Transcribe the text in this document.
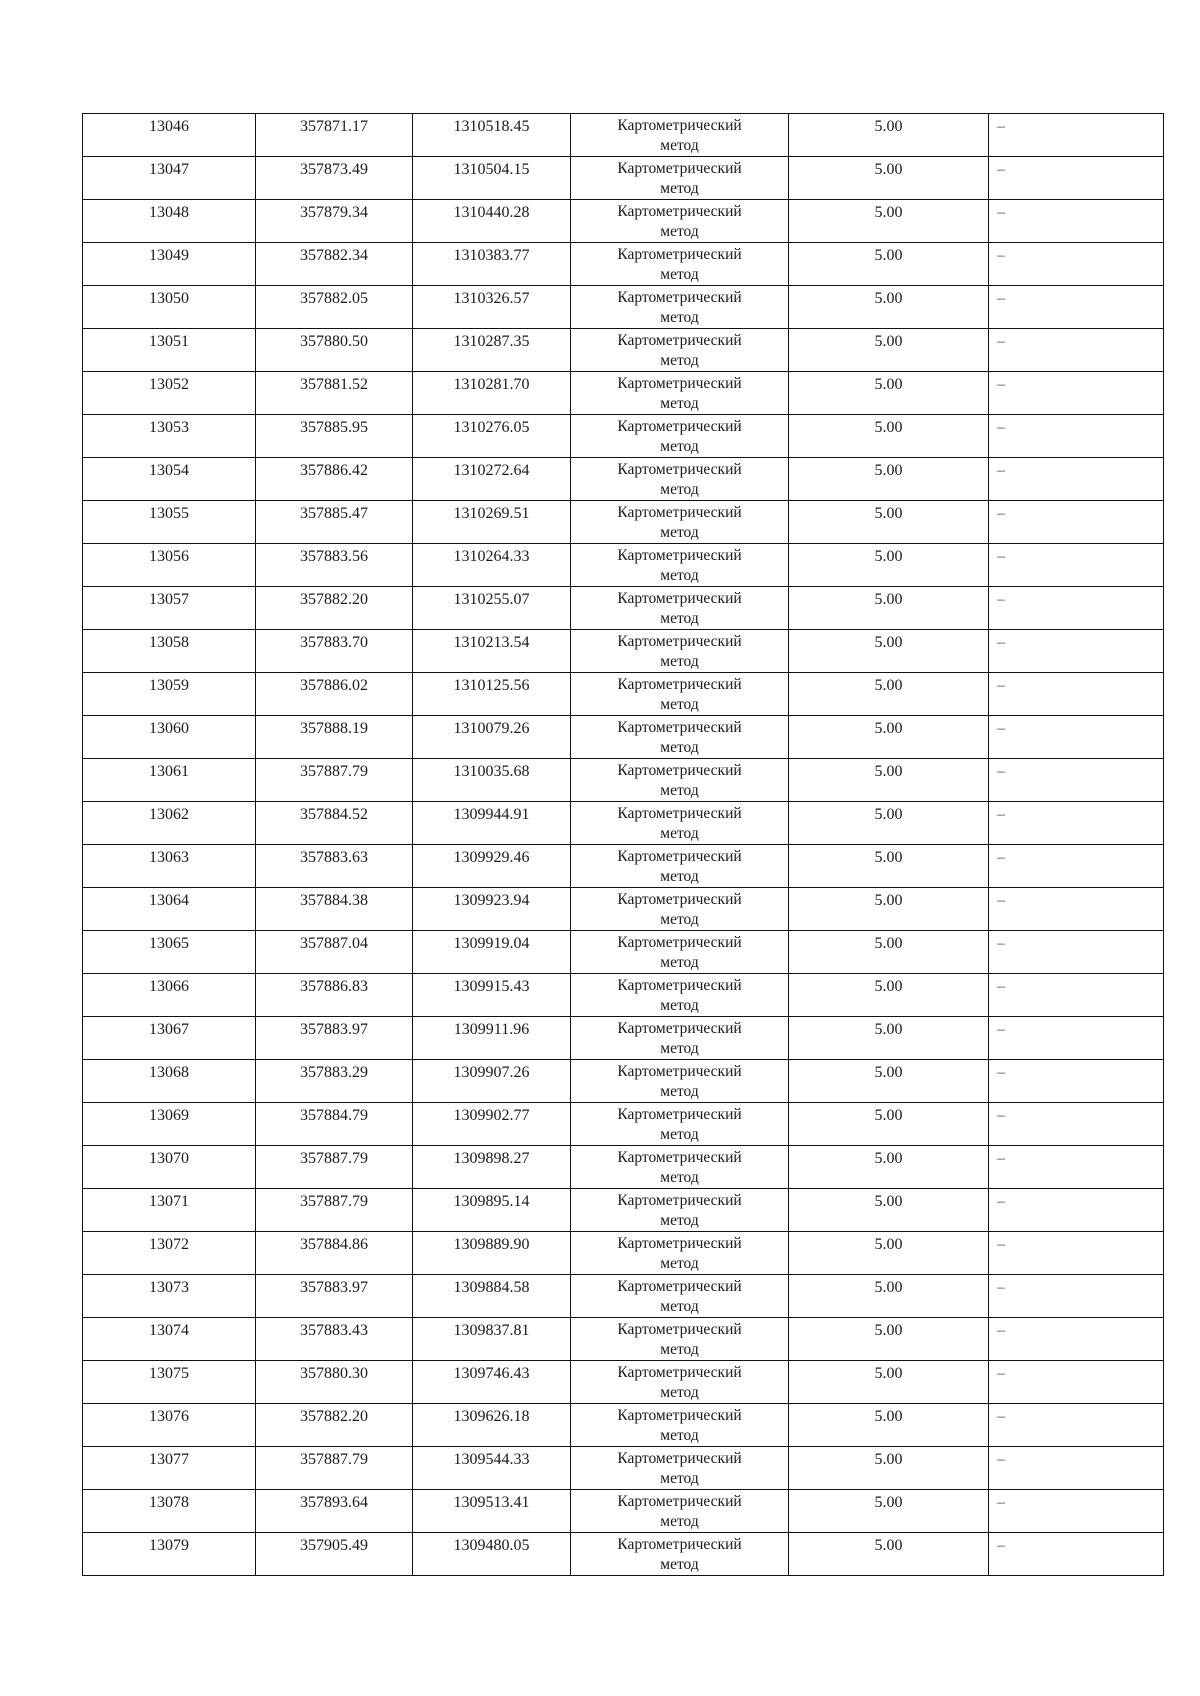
13046	357871.17	1310518.45	Картометрический
метод	5.00	–
13047	357873.49	1310504.15	Картометрический
метод	5.00	–
13048	357879.34	1310440.28	Картометрический
метод	5.00	–
13049	357882.34	1310383.77	Картометрический
метод	5.00	–
13050	357882.05	1310326.57	Картометрический
метод	5.00	–
13051	357880.50	1310287.35	Картометрический
метод	5.00	–
13052	357881.52	1310281.70	Картометрический
метод	5.00	–
13053	357885.95	1310276.05	Картометрический
метод	5.00	–
13054	357886.42	1310272.64	Картометрический
метод	5.00	–
13055	357885.47	1310269.51	Картометрический
метод	5.00	–
13056	357883.56	1310264.33	Картометрический
метод	5.00	–
13057	357882.20	1310255.07	Картометрический
метод	5.00	–
13058	357883.70	1310213.54	Картометрический
метод	5.00	–
13059	357886.02	1310125.56	Картометрический
метод	5.00	–
13060	357888.19	1310079.26	Картометрический
метод	5.00	–
13061	357887.79	1310035.68	Картометрический
метод	5.00	–
13062	357884.52	1309944.91	Картометрический
метод	5.00	–
13063	357883.63	1309929.46	Картометрический
метод	5.00	–
13064	357884.38	1309923.94	Картометрический
метод	5.00	–
13065	357887.04	1309919.04	Картометрический
метод	5.00	–
13066	357886.83	1309915.43	Картометрический
метод	5.00	–
13067	357883.97	1309911.96	Картометрический
метод	5.00	–
13068	357883.29	1309907.26	Картометрический
метод	5.00	–
13069	357884.79	1309902.77	Картометрический
метод	5.00	–
13070	357887.79	1309898.27	Картометрический
метод	5.00	–
13071	357887.79	1309895.14	Картометрический
метод	5.00	–
13072	357884.86	1309889.90	Картометрический
метод	5.00	–
13073	357883.97	1309884.58	Картометрический
метод	5.00	–
13074	357883.43	1309837.81	Картометрический
метод	5.00	–
13075	357880.30	1309746.43	Картометрический
метод	5.00	–
13076	357882.20	1309626.18	Картометрический
метод	5.00	–
13077	357887.79	1309544.33	Картометрический
метод	5.00	–
13078	357893.64	1309513.41	Картометрический
метод	5.00	–
13079	357905.49	1309480.05	Картометрический
метод	5.00	–
